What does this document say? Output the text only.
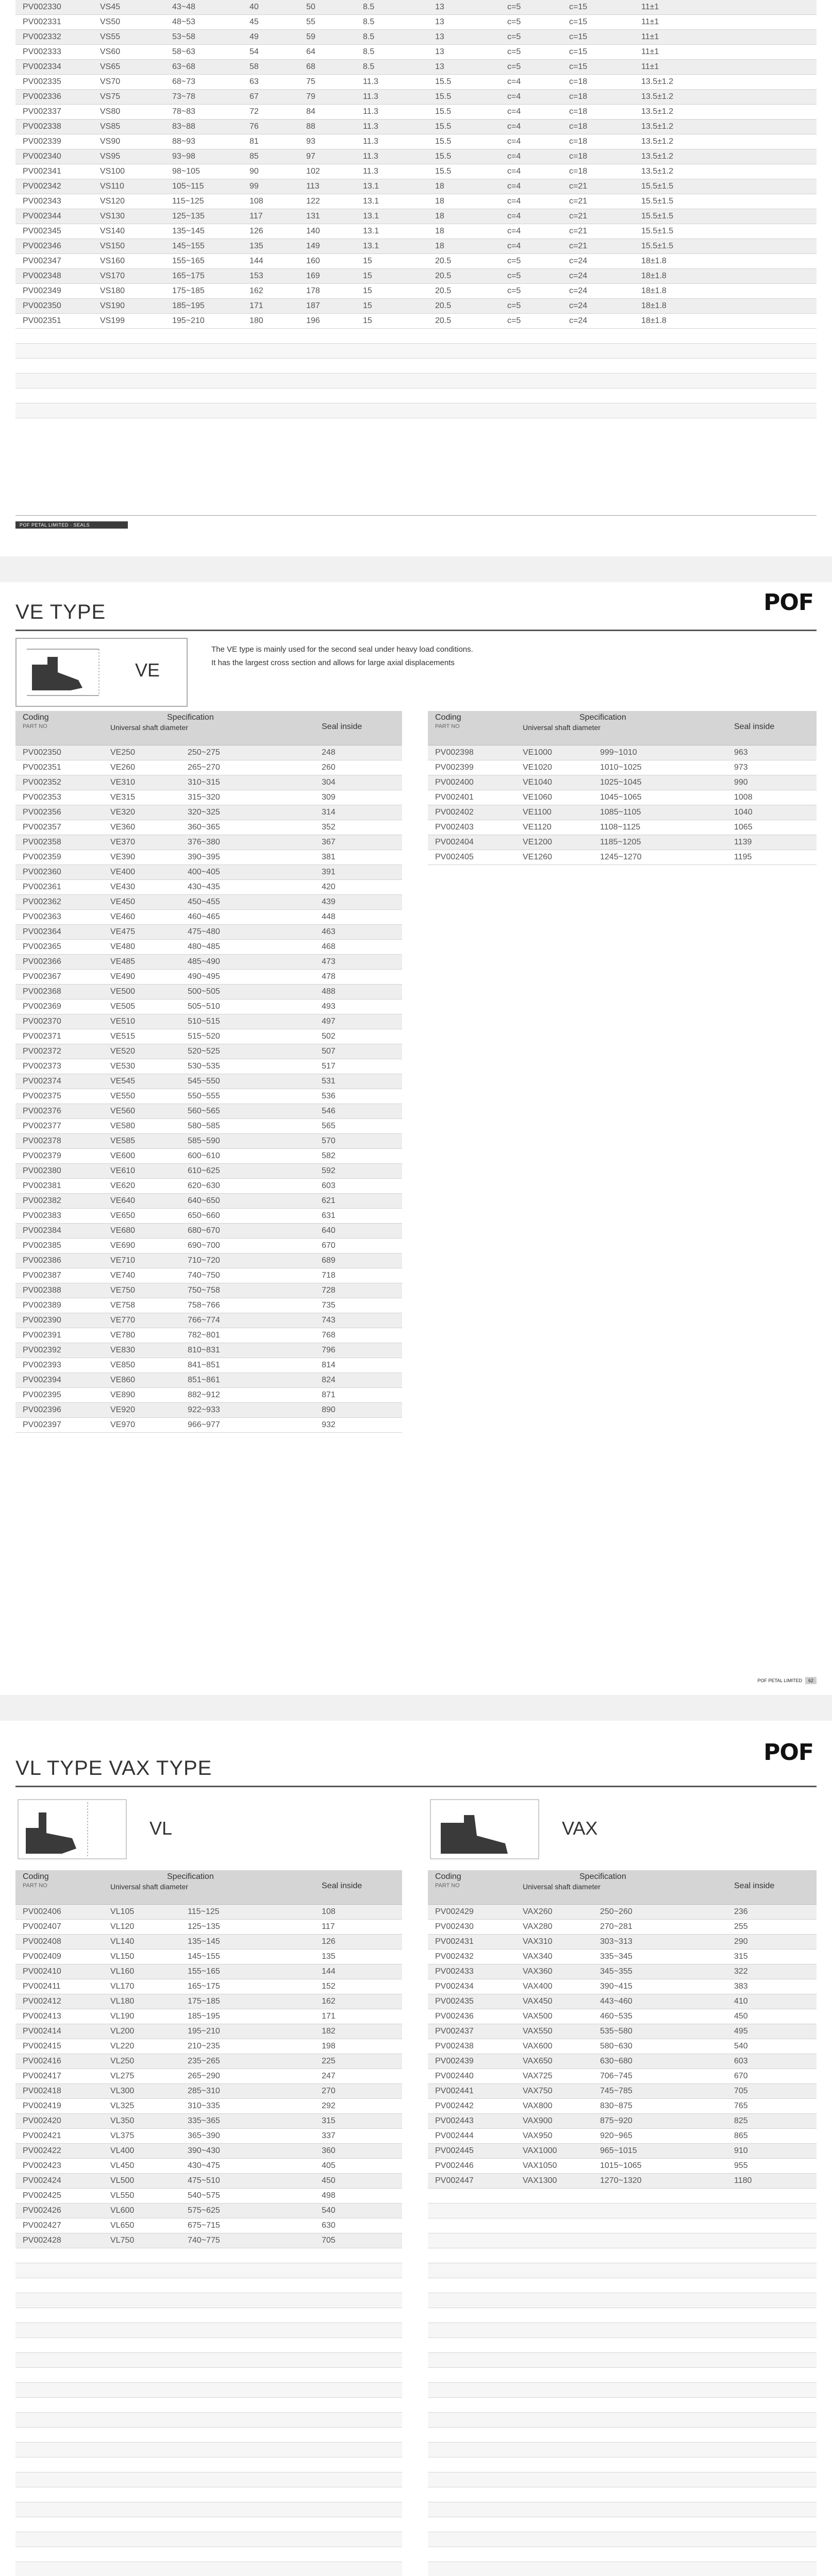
PV002330	VS45	43~48	40	50	8.5	13	c=5	c=15	11±1
PV002331	VS50	48~53	45	55	8.5	13	c=5	c=15	11±1
PV002332	VS55	53~58	49	59	8.5	13	c=5	c=15	11±1
PV002333	VS60	58~63	54	64	8.5	13	c=5	c=15	11±1
PV002334	VS65	63~68	58	68	8.5	13	c=5	c=15	11±1
PV002335	VS70	68~73	63	75	11.3	15.5	c=4	c=18	13.5±1.2
PV002336	VS75	73~78	67	79	11.3	15.5	c=4	c=18	13.5±1.2
PV002337	VS80	78~83	72	84	11.3	15.5	c=4	c=18	13.5±1.2
PV002338	VS85	83~88	76	88	11.3	15.5	c=4	c=18	13.5±1.2
PV002339	VS90	88~93	81	93	11.3	15.5	c=4	c=18	13.5±1.2
PV002340	VS95	93~98	85	97	11.3	15.5	c=4	c=18	13.5±1.2
PV002341	VS100	98~105	90	102	11.3	15.5	c=4	c=18	13.5±1.2
PV002342	VS110	105~115	99	113	13.1	18	c=4	c=21	15.5±1.5
PV002343	VS120	115~125	108	122	13.1	18	c=4	c=21	15.5±1.5
PV002344	VS130	125~135	117	131	13.1	18	c=4	c=21	15.5±1.5
PV002345	VS140	135~145	126	140	13.1	18	c=4	c=21	15.5±1.5
PV002346	VS150	145~155	135	149	13.1	18	c=4	c=21	15.5±1.5
PV002347	VS160	155~165	144	160	15	20.5	c=5	c=24	18±1.8
PV002348	VS170	165~175	153	169	15	20.5	c=5	c=24	18±1.8
PV002349	VS180	175~185	162	178	15	20.5	c=5	c=24	18±1.8
PV002350	VS190	185~195	171	187	15	20.5	c=5	c=24	18±1.8
PV002351	VS199	195~210	180	196	15	20.5	c=5	c=24	18±1.8

POF PETAL LIMITED · SEALS
VE TYPE	POF
VE
The VE type is mainly used for the second seal under heavy load conditions.
It has the largest cross section and allows for large axial displacements
Coding
PART NO	Specification
Universal shaft diameter		Seal inside
PV002350	VE250	250~275	248
PV002351	VE260	265~270	260
PV002352	VE310	310~315	304
PV002353	VE315	315~320	309
PV002356	VE320	320~325	314
PV002357	VE360	360~365	352
PV002358	VE370	376~380	367
PV002359	VE390	390~395	381
PV002360	VE400	400~405	391
PV002361	VE430	430~435	420
PV002362	VE450	450~455	439
PV002363	VE460	460~465	448
PV002364	VE475	475~480	463
PV002365	VE480	480~485	468
PV002366	VE485	485~490	473
PV002367	VE490	490~495	478
PV002368	VE500	500~505	488
PV002369	VE505	505~510	493
PV002370	VE510	510~515	497
PV002371	VE515	515~520	502
PV002372	VE520	520~525	507
PV002373	VE530	530~535	517
PV002374	VE545	545~550	531
PV002375	VE550	550~555	536
PV002376	VE560	560~565	546
PV002377	VE580	580~585	565
PV002378	VE585	585~590	570
PV002379	VE600	600~610	582
PV002380	VE610	610~625	592
PV002381	VE620	620~630	603
PV002382	VE640	640~650	621
PV002383	VE650	650~660	631
PV002384	VE680	680~670	640
PV002385	VE690	690~700	670
PV002386	VE710	710~720	689
PV002387	VE740	740~750	718
PV002388	VE750	750~758	728
PV002389	VE758	758~766	735
PV002390	VE770	766~774	743
PV002391	VE780	782~801	768
PV002392	VE830	810~831	796
PV002393	VE850	841~851	814
PV002394	VE860	851~861	824
PV002395	VE890	882~912	871
PV002396	VE920	922~933	890
PV002397	VE970	966~977	932
Coding
PART NO	Specification
Universal shaft diameter		Seal inside
PV002398	VE1000	999~1010	963
PV002399	VE1020	1010~1025	973
PV002400	VE1040	1025~1045	990
PV002401	VE1060	1045~1065	1008
PV002402	VE1100	1085~1105	1040
PV002403	VE1120	1108~1125	1065
PV002404	VE1200	1185~1205	1139
PV002405	VE1260	1245~1270	1195
POF PETAL LIMITED 62
VL TYPE VAX TYPE
POF
VL	VAX
Coding
PART NO	Specification
Universal shaft diameter		Seal inside
PV002406	VL105	115~125	108
PV002407	VL120	125~135	117
PV002408	VL140	135~145	126
PV002409	VL150	145~155	135
PV002410	VL160	155~165	144
PV002411	VL170	165~175	152
PV002412	VL180	175~185	162
PV002413	VL190	185~195	171
PV002414	VL200	195~210	182
PV002415	VL220	210~235	198
PV002416	VL250	235~265	225
PV002417	VL275	265~290	247
PV002418	VL300	285~310	270
PV002419	VL325	310~335	292
PV002420	VL350	335~365	315
PV002421	VL375	365~390	337
PV002422	VL400	390~430	360
PV002423	VL450	430~475	405
PV002424	VL500	475~510	450
PV002425	VL550	540~575	498
PV002426	VL600	575~625	540
PV002427	VL650	675~715	630
PV002428	VL750	740~775	705

Coding
PART NO	Specification
Universal shaft diameter		Seal inside
PV002429	VAX260	250~260	236
PV002430	VAX280	270~281	255
PV002431	VAX310	303~313	290
PV002432	VAX340	335~345	315
PV002433	VAX360	345~355	322
PV002434	VAX400	390~415	383
PV002435	VAX450	443~460	410
PV002436	VAX500	460~535	450
PV002437	VAX550	535~580	495
PV002438	VAX600	580~630	540
PV002439	VAX650	630~680	603
PV002440	VAX725	706~745	670
PV002441	VAX750	745~785	705
PV002442	VAX800	830~875	765
PV002443	VAX900	875~920	825
PV002444	VAX950	920~965	865
PV002445	VAX1000	965~1015	910
PV002446	VAX1050	1015~1065	955
PV002447	VAX1300	1270~1320	1180
